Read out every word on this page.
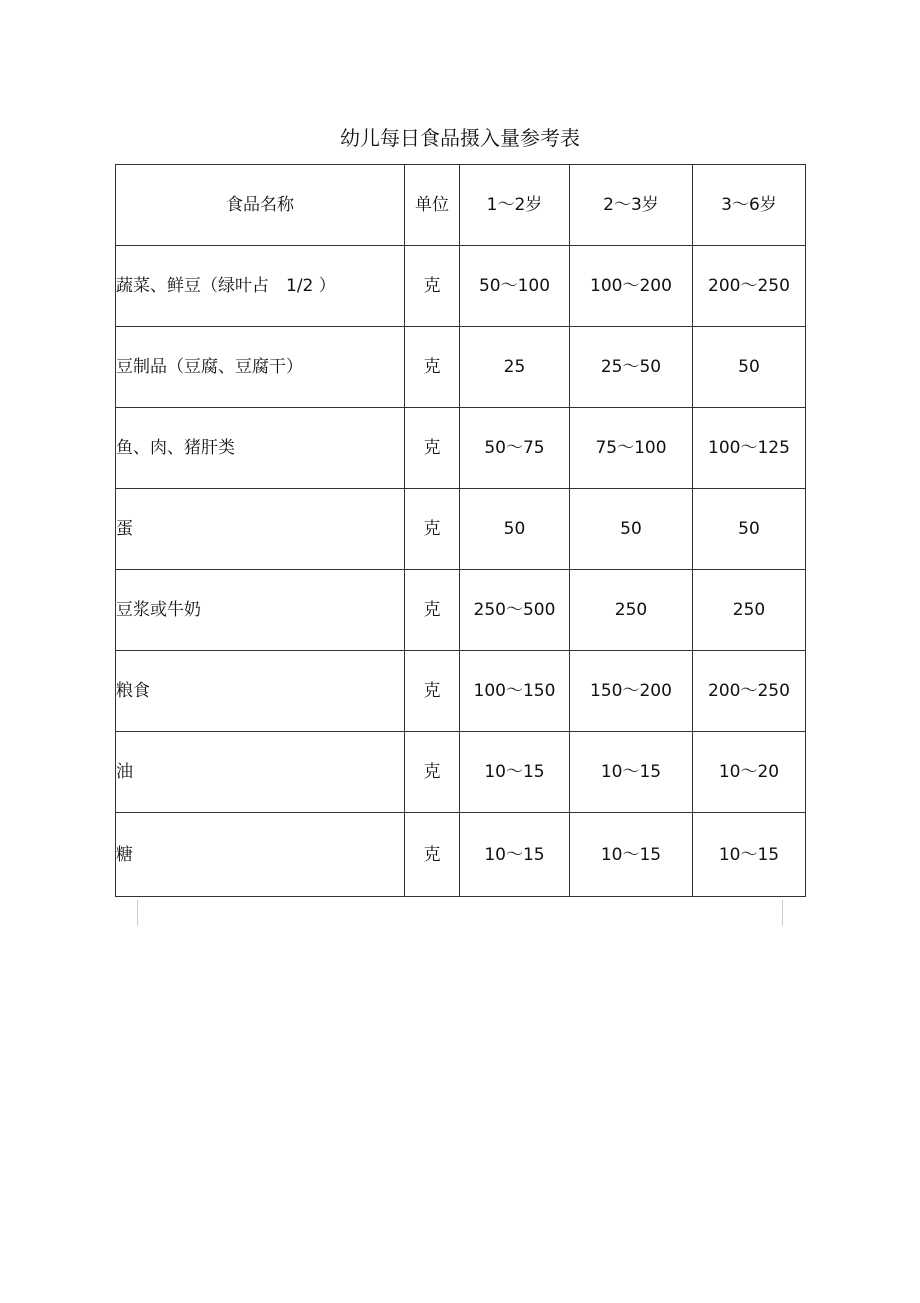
幼儿每日食品摄入量参考表
食品名称	单位	1～2岁	2～3岁	3～6岁
蔬菜、鲜豆（绿叶占　1/2 ）	克	50～100	100～200	200～250
豆制品（豆腐、豆腐干）	克	25	25～50	50
鱼、肉、猪肝类	克	50～75	75～100	100～125
蛋	克	50	50	50
豆浆或牛奶	克	250～500	250	250
粮食	克	100～150	150～200	200～250
油	克	10～15	10～15	10～20
糖	克	10～15	10～15	10～15
